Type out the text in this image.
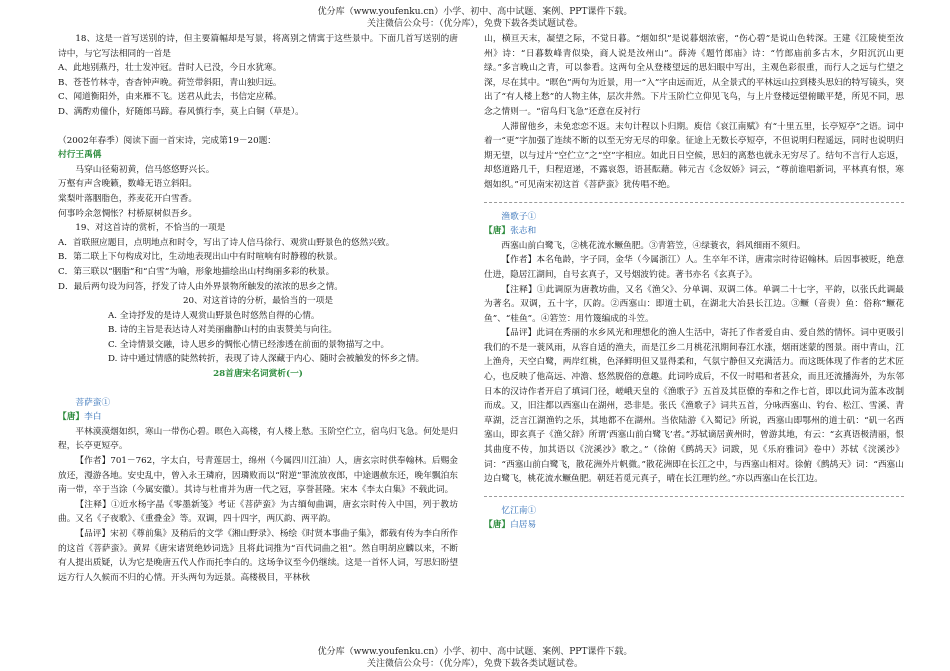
优分库（www.youfenku.cn）小学、初中、高中试题、案例、PPT课件下载。
关注微信公众号：（优分库），免费下载各类试题试卷。

18、这是一首写送别的诗，但主要篇幅却是写景，将离别之情寓于这些景中。下面几首写送别的唐诗中，与它写法相同的一首是

A、此地别燕丹，壮士发冲冠。昔时人已没，今日水犹寒。

B、苍苍竹林寺，杳杳钟声晚。荷笠带斜阳，青山独归远。

C、闻道衡阳外，由来雁不飞。送君从此去，书信定应稀。

D、满酌劝僮仆，好随郎马蹄。春风慎行李，莫上白铜（草是）。

（2002年春季）阅读下面一首宋诗，完成第19－20题：

村行王禹偁

马穿山径菊初黄，信马悠悠野兴长。

万壑有声含晚籁，数峰无语立斜阳。

棠梨叶落胭脂色，荞麦花开白雪香。

何事吟余忽惆怅？村桥原树似吾乡。

19、对这首诗的赏析，不恰当的一项是

A．首联照应题目，点明地点和时令，写出了诗人信马徐行、观赏山野景色的悠然兴致。

B．第二联上下句构成对比，生动地表现出山中有时喧响有时静穆的秋景。

C．第三联以“胭脂”和“白雪”为喻，形象地描绘出山村绚丽多彩的秋景。

D．最后两句设为问答，抒发了诗人由外界景物所触发的浓浓的思乡之情。

20、对这首诗的分析，最恰当的一项是

A. 全诗抒发的是诗人观赏山野景色时悠然自得的心情。

B. 诗的主旨是表达诗人对美丽幽静山村的由衷赞美与向往。

C. 全诗情景交融，诗人思乡的惆怅心情已经渗透在前面的景物描写之中。

D. 诗中通过情感的陡然转折，表现了诗人深藏于内心、随时会被触发的怀乡之情。

28首唐宋名词赏析(一)

菩萨蛮①

【唐】李白

平林漠漠烟如织，寒山一带伤心碧。暝色入高楼，有人楼上愁。玉阶空伫立，宿鸟归飞急。何处是归程，长亭更短亭。

【作者】701－762，字太白，号青莲居士，绵州（今属四川江油）人，唐玄宗时供奉翰林。后赐金放还，漫游各地。安史乱中，曾入永王璘府，因璘败而以“附逆”罪流放夜郎，中途遇赦东还，晚年飘泊东南一带，卒于当涂（今属安徽）。其诗与杜甫并为唐一代之冠，享誉甚隆。宋本《李太白集》不载此词。

【注释】①近水杨字晶《零墨新笺》考证《菩萨蛮》为古缅甸曲调，唐玄宗时传入中国，列于教坊曲。又名《子夜歌》、《重叠金》等。双调，四十四字，两仄韵、两平韵。

【品评】宋初《尊前集》及稍后的文学《湘山野录》、杨绘《时贤本事曲子集》，都载有传为李白所作的这首《菩萨蛮》。黄昇《唐宋诸贤绝妙词选》且将此词推为“百代词曲之祖”。然自明胡应麟以来，不断有人提出质疑，认为它是晚唐五代人作而托李白的。这场争议至今仍继续。这是一首怀人词，写思妇盼望远方行人久候而不归的心情。开头两句为远景。高楼极目，平林秋

山，横亘天末，凝望之际，不觉日暮。“烟如织”是说暮烟浓密，“伤心碧”是说山色转深。王建《江陵使至汝州》诗：“日暮数峰青似染，商人说是汝州山”。薛涛《题竹郎庙》诗：“竹郎庙前多古木，夕阳沉沉山更绿。”多言晚山之青，可以参看。这两句全从登楼望远的思妇眼中写出，主观色彩很重，而行人之远与伫望之深，尽在其中。“暝色”两句为近景，用一“入”字由远而近，从全景式的平林远山拉到楼头思妇的特写镜头，突出了“有人楼上愁”的人物主体，层次井然。下片玉阶伫立仰见飞鸟，与上片登楼远望俯瞰平楚，所见不同，思念之情则一。“宿鸟归飞急”还意在反衬行

人滞留他乡，未免恋恋不返。末句计程以卜归期。庾信《哀江南赋》有“十里五里，长亭短亭”之语。词中着一“更”字加强了连续不断的以至无穷无尽的印象。征途上无数长亭短亭，不但说明归程遥远，同时也说明归期无望，以与过片“空伫立”之“空”字相应。如此日日空候，思妇的离愁也就永无穷尽了。结句不言行人忘返，却悠道路几千，归程迢递，不露哀怨，语甚酝藉。韩元吉《念奴娇》词云，“尊前谁唱新词，平林真有恨，寒烟如织。”可见南宋初这首《菩萨蛮》犹传唱不绝。

渔歌子①

【唐】张志和

西塞山前白鹭飞，②桃花流水鳜鱼肥。③青箬笠，④绿蓑衣，斜风细雨不须归。

【作者】本名龟龄，字子同，金华（今属浙江）人。生卒年不详，唐肃宗时待诏翰林。后因事被贬，绝意仕进，隐居江湖间，自号玄真子，又号烟波钓徒。著书亦名《玄真子》。

【注释】①此调原为唐教坊曲，又名《渔父》、分单调、双调二体。单调二十七字，平韵，以张氏此调最为著名。双调，五十字，仄韵。②西塞山：即道士矶，在湖北大冶县长江边。③鳜（音贵）鱼：俗称“鳜花鱼”、“桂鱼”。④箬笠：用竹篾编成的斗笠。

【品评】此词在秀丽的水乡风光和理想化的渔人生活中，寄托了作者爱自由、爱自然的情怀。词中更吸引我们的不是一蓑风雨，从容自适的渔夫，而是江乡二月桃花汛期间春江水涨，烟雨迷蒙的图景。雨中青山，江上渔舟，天空白鹭，两岸红桃，色泽鲜明但又显得柔和，气氛宁静但又充满活力。而这既体现了作者的艺术匠心，也反映了他高远、冲澹、悠然脱俗的意趣。此词吟成后，不仅一时唱和者甚众，而且还流播海外，为东邻日本的汉诗作者开启了填词门径，嵯峨天皇的《渔歌子》五首及其臣僚的奉和之作七首，即以此词为蓝本改制而成。又，旧注都以西塞山在湖州，恐非是。张氏《渔歌子》词共五首，分咏西塞山、钓台、松江、雪溪、青草湖，泛言江湖渔钓之乐，其地都不在湖州。当依陆游《入蜀记》所说，西塞山即鄂州的道士矶：“矶一名西塞山，即玄真子《渔父辞》所谓‘西塞山前白鹭飞’者。”苏轼谪居黄州时，曾游其地，有云：“玄真语极清丽，恨其曲度不传，加其语以《浣溪沙》歌之。”（徐俯《鹧鸪天》词跋，见《乐府雅词》卷中）苏轼《浣溪沙》词：“西塞山前白鹭飞，散花洲外片帆微。”散花洲即在长江之中，与西塞山相对。徐俯《鹧鸪天》词：“西塞山边白鹭飞，桃花流水鳜鱼肥。朝廷若觅元真子，晴在长江理钓丝。”亦以西塞山在长江边。

忆江南①

【唐】白居易

优分库（www.youfenku.cn）小学、初中、高中试题、案例、PPT课件下载。
关注微信公众号：（优分库），免费下载各类试题试卷。
